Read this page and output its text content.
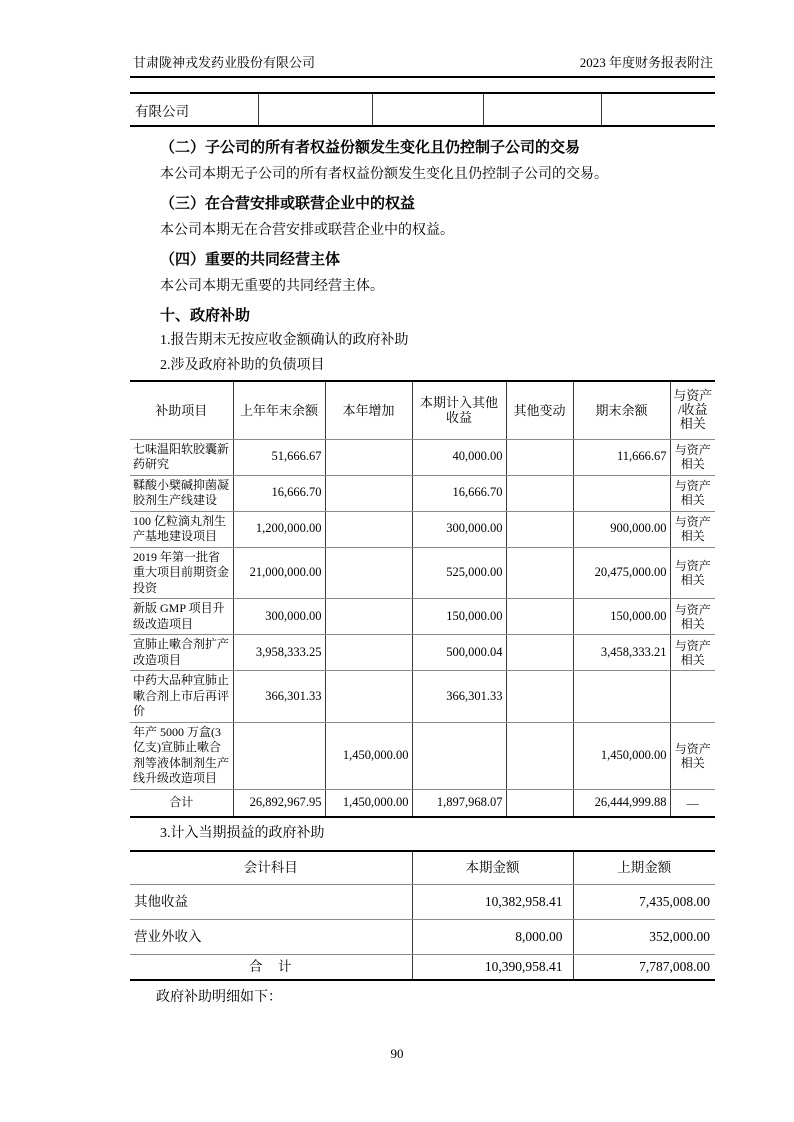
甘肃陇神戎发药业股份有限公司	2023 年度财务报表附注
有限公司				
（二）子公司的所有者权益份额发生变化且仍控制子公司的交易
本公司本期无子公司的所有者权益份额发生变化且仍控制子公司的交易。
（三）在合营安排或联营企业中的权益
本公司本期无在合营安排或联营企业中的权益。
（四）重要的共同经营主体
本公司本期无重要的共同经营主体。
十、政府补助
1.报告期末无按应收金额确认的政府补助
2.涉及政府补助的负债项目
补助项目	上年年末余额	本年增加	本期计入其他收益	其他变动	期末余额	与资产
/收益
相关

七味温阳软胶囊新药研究	51,666.67		40,000.00		11,666.67	与资产相关
鞣酸小檗碱抑菌凝胶剂生产线建设	16,666.70		16,666.70			与资产相关
100 亿粒滴丸剂生产基地建设项目	1,200,000.00		300,000.00		900,000.00	与资产相关
2019 年第一批省重大项目前期资金投资	21,000,000.00		525,000.00		20,475,000.00	与资产相关
新版 GMP 项目升级改造项目	300,000.00		150,000.00		150,000.00	与资产相关
宣肺止嗽合剂扩产改造项目	3,958,333.25		500,000.04		3,458,333.21	与资产相关
中药大品种宣肺止嗽合剂上市后再评价	366,301.33		366,301.33			
年产 5000 万盒(3亿支)宣肺止嗽合剂等液体制剂生产线升级改造项目		1,450,000.00			1,450,000.00	与资产相关
合计	26,892,967.95	1,450,000.00	1,897,968.07		26,444,999.88	—
3.计入当期损益的政府补助
会计科目	本期金额	上期金额
其他收益	10,382,958.41	7,435,008.00
营业外收入	8,000.00	352,000.00
合　计	10,390,958.41	7,787,008.00
政府补助明细如下：
90
